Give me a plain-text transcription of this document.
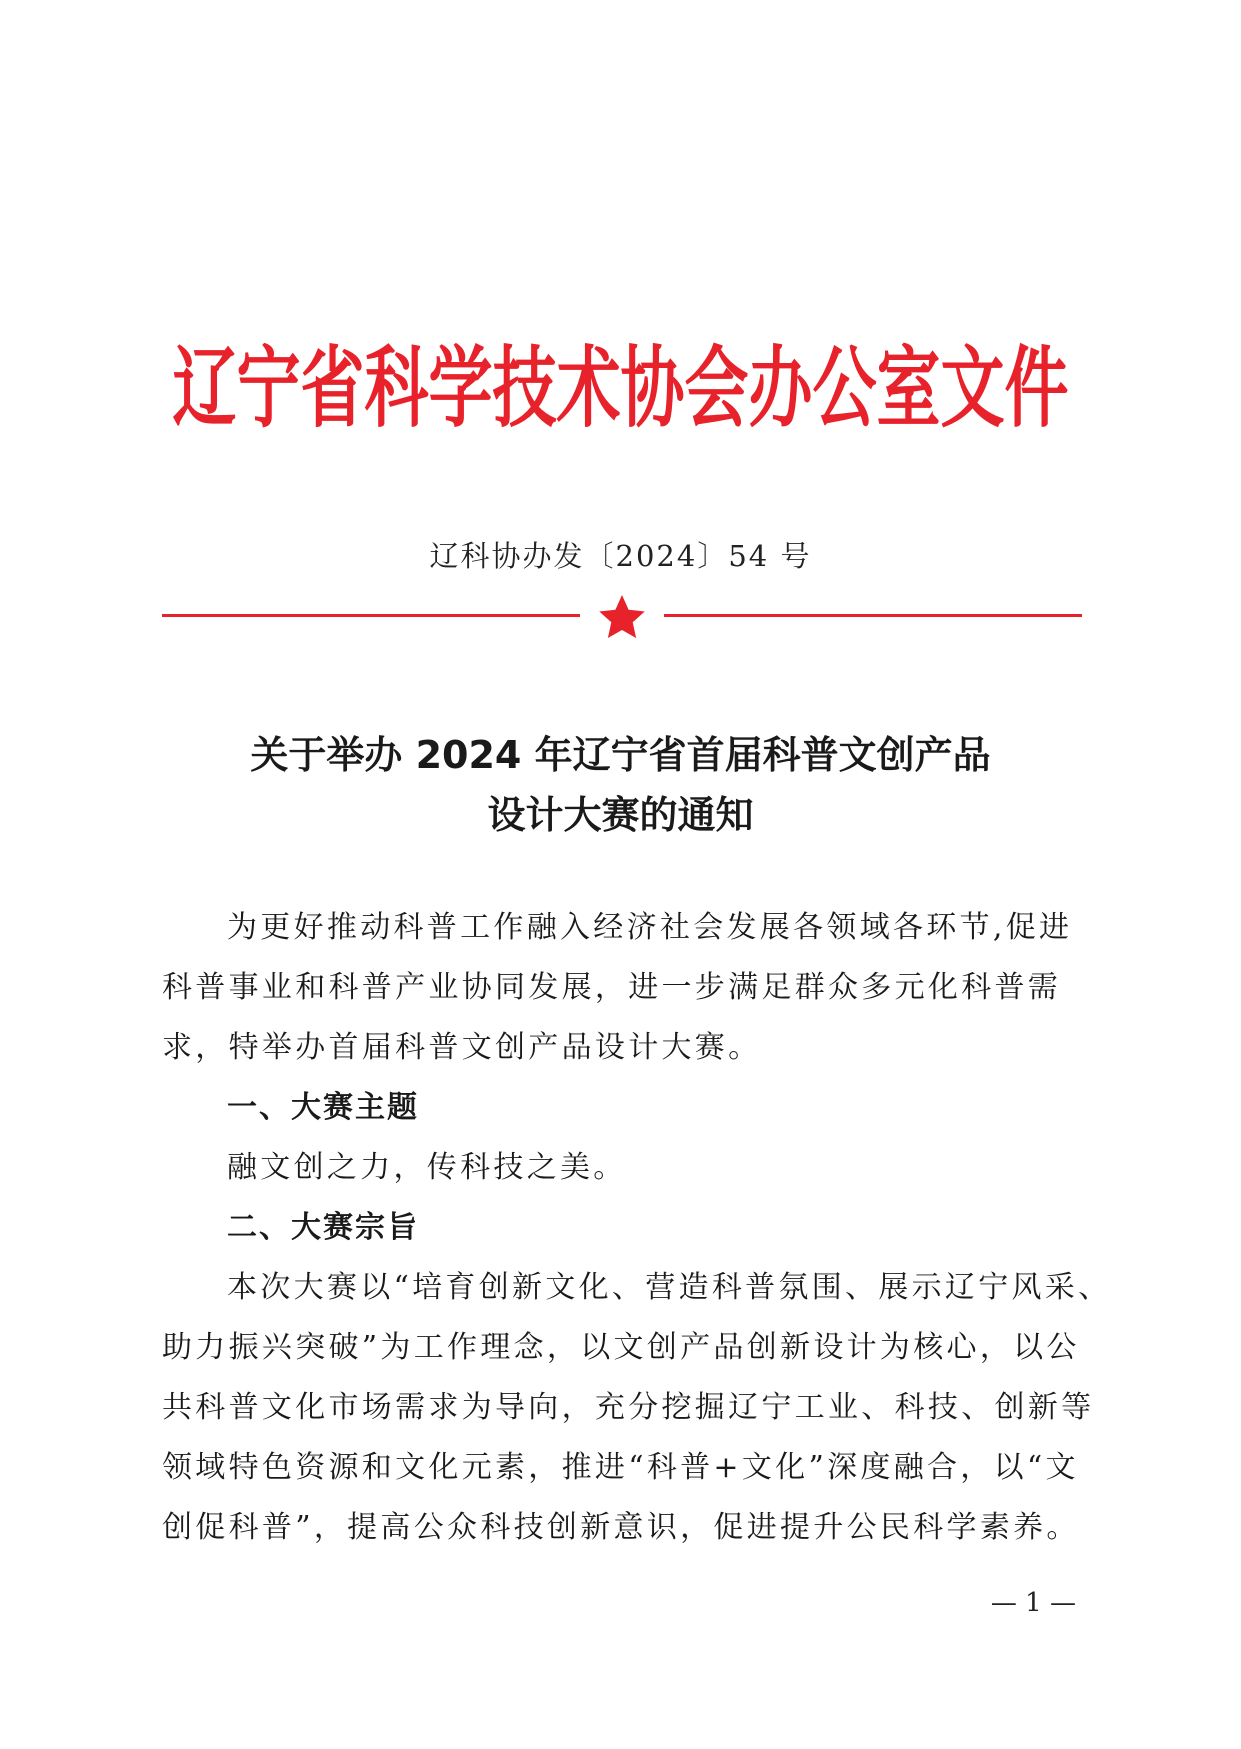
辽宁省科学技术协会办公室文件
辽科协办发〔2024〕54 号
关于举办 2024 年辽宁省首届科普文创产品
设计大赛的通知
为更好推动科普工作融入经济社会发展各领域各环节,促进
科普事业和科普产业协同发展，进一步满足群众多元化科普需
求，特举办首届科普文创产品设计大赛。
一、大赛主题
融文创之力，传科技之美。
二、大赛宗旨
本次大赛以“培育创新文化、营造科普氛围、展示辽宁风采、
助力振兴突破”为工作理念，以文创产品创新设计为核心，以公
共科普文化市场需求为导向，充分挖掘辽宁工业、科技、创新等
领域特色资源和文化元素，推进“科普+文化”深度融合，以“文
创促科普”，提高公众科技创新意识，促进提升公民科学素养。
— 1 —
